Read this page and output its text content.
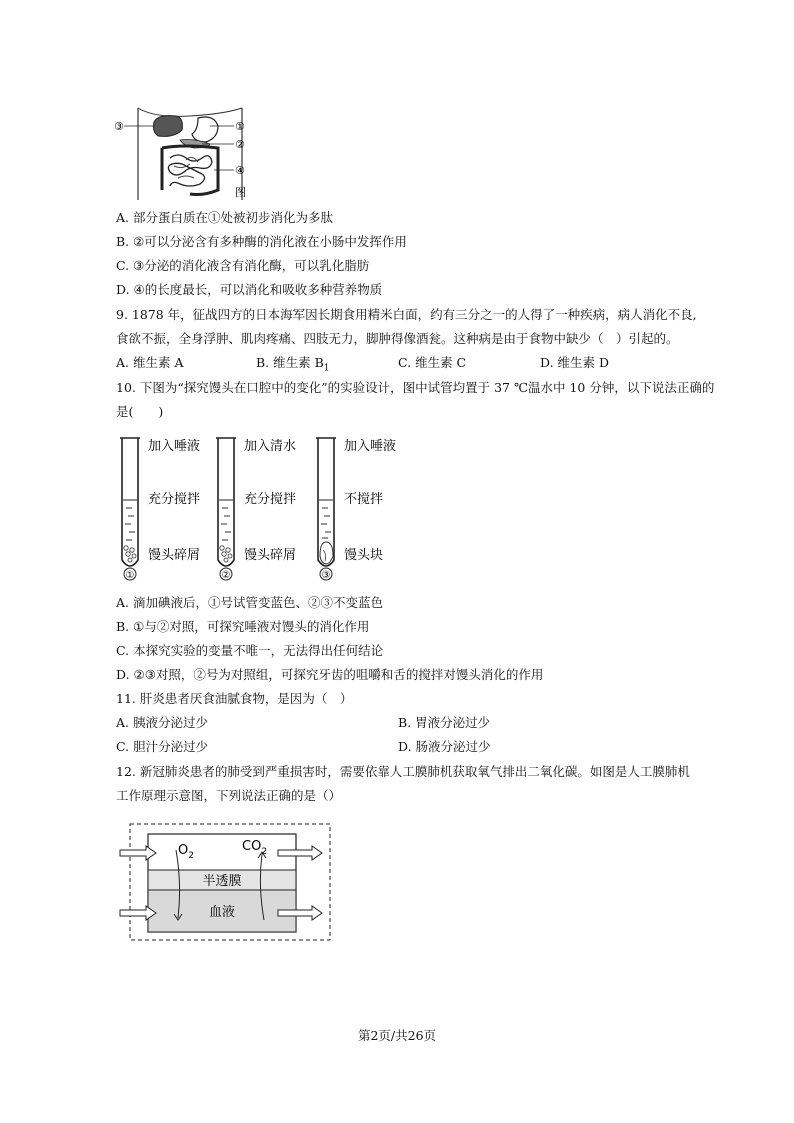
③	①
②
④
图
A. 部分蛋白质在①处被初步消化为多肽
B. ②可以分泌含有多种酶的消化液在小肠中发挥作用
C. ③分泌的消化液含有消化酶，可以乳化脂肪
D. ④的长度最长，可以消化和吸收多种营养物质
9. 1878 年，征战四方的日本海军因长期食用精米白面，约有三分之一的人得了一种疾病，病人消化不良,
食欲不振，全身浮肿、肌肉疼痛、四肢无力，脚肿得像酒瓮。这种病是由于食物中缺少（　）引起的。
A. 维生素 A	B. 维生素 $B_1$	C. 维生素 C	D. 维生素 D
10. 下图为“探究馒头在口腔中的变化”的实验设计，图中试管均置于 37 ℃温水中 10 分钟，以下说法正确的
是(　　)
①
加入唾液
充分搅拌
馒头碎屑
②
加入清水
充分搅拌
馒头碎屑
③
加入唾液
不搅拌
馒头块
A. 滴加碘液后，①号试管变蓝色、②③不变蓝色
B. ①与②对照，可探究唾液对馒头的消化作用
C. 本探究实验的变量不唯一，无法得出任何结论
D. ②③对照，②号为对照组，可探究牙齿的咀嚼和舌的搅拌对馒头消化的作用
11. 肝炎患者厌食油腻食物，是因为（　）
A. 胰液分泌过少	B. 胃液分泌过少
C. 胆汁分泌过少	D. 肠液分泌过少
12. 新冠肺炎患者的肺受到严重损害时，需要依靠人工膜肺机获取氧气排出二氧化碳。如图是人工膜肺机
工作原理示意图，下列说法正确的是（）
$O_2$
$CO_2$
半透膜
血液
第2页/共26页
